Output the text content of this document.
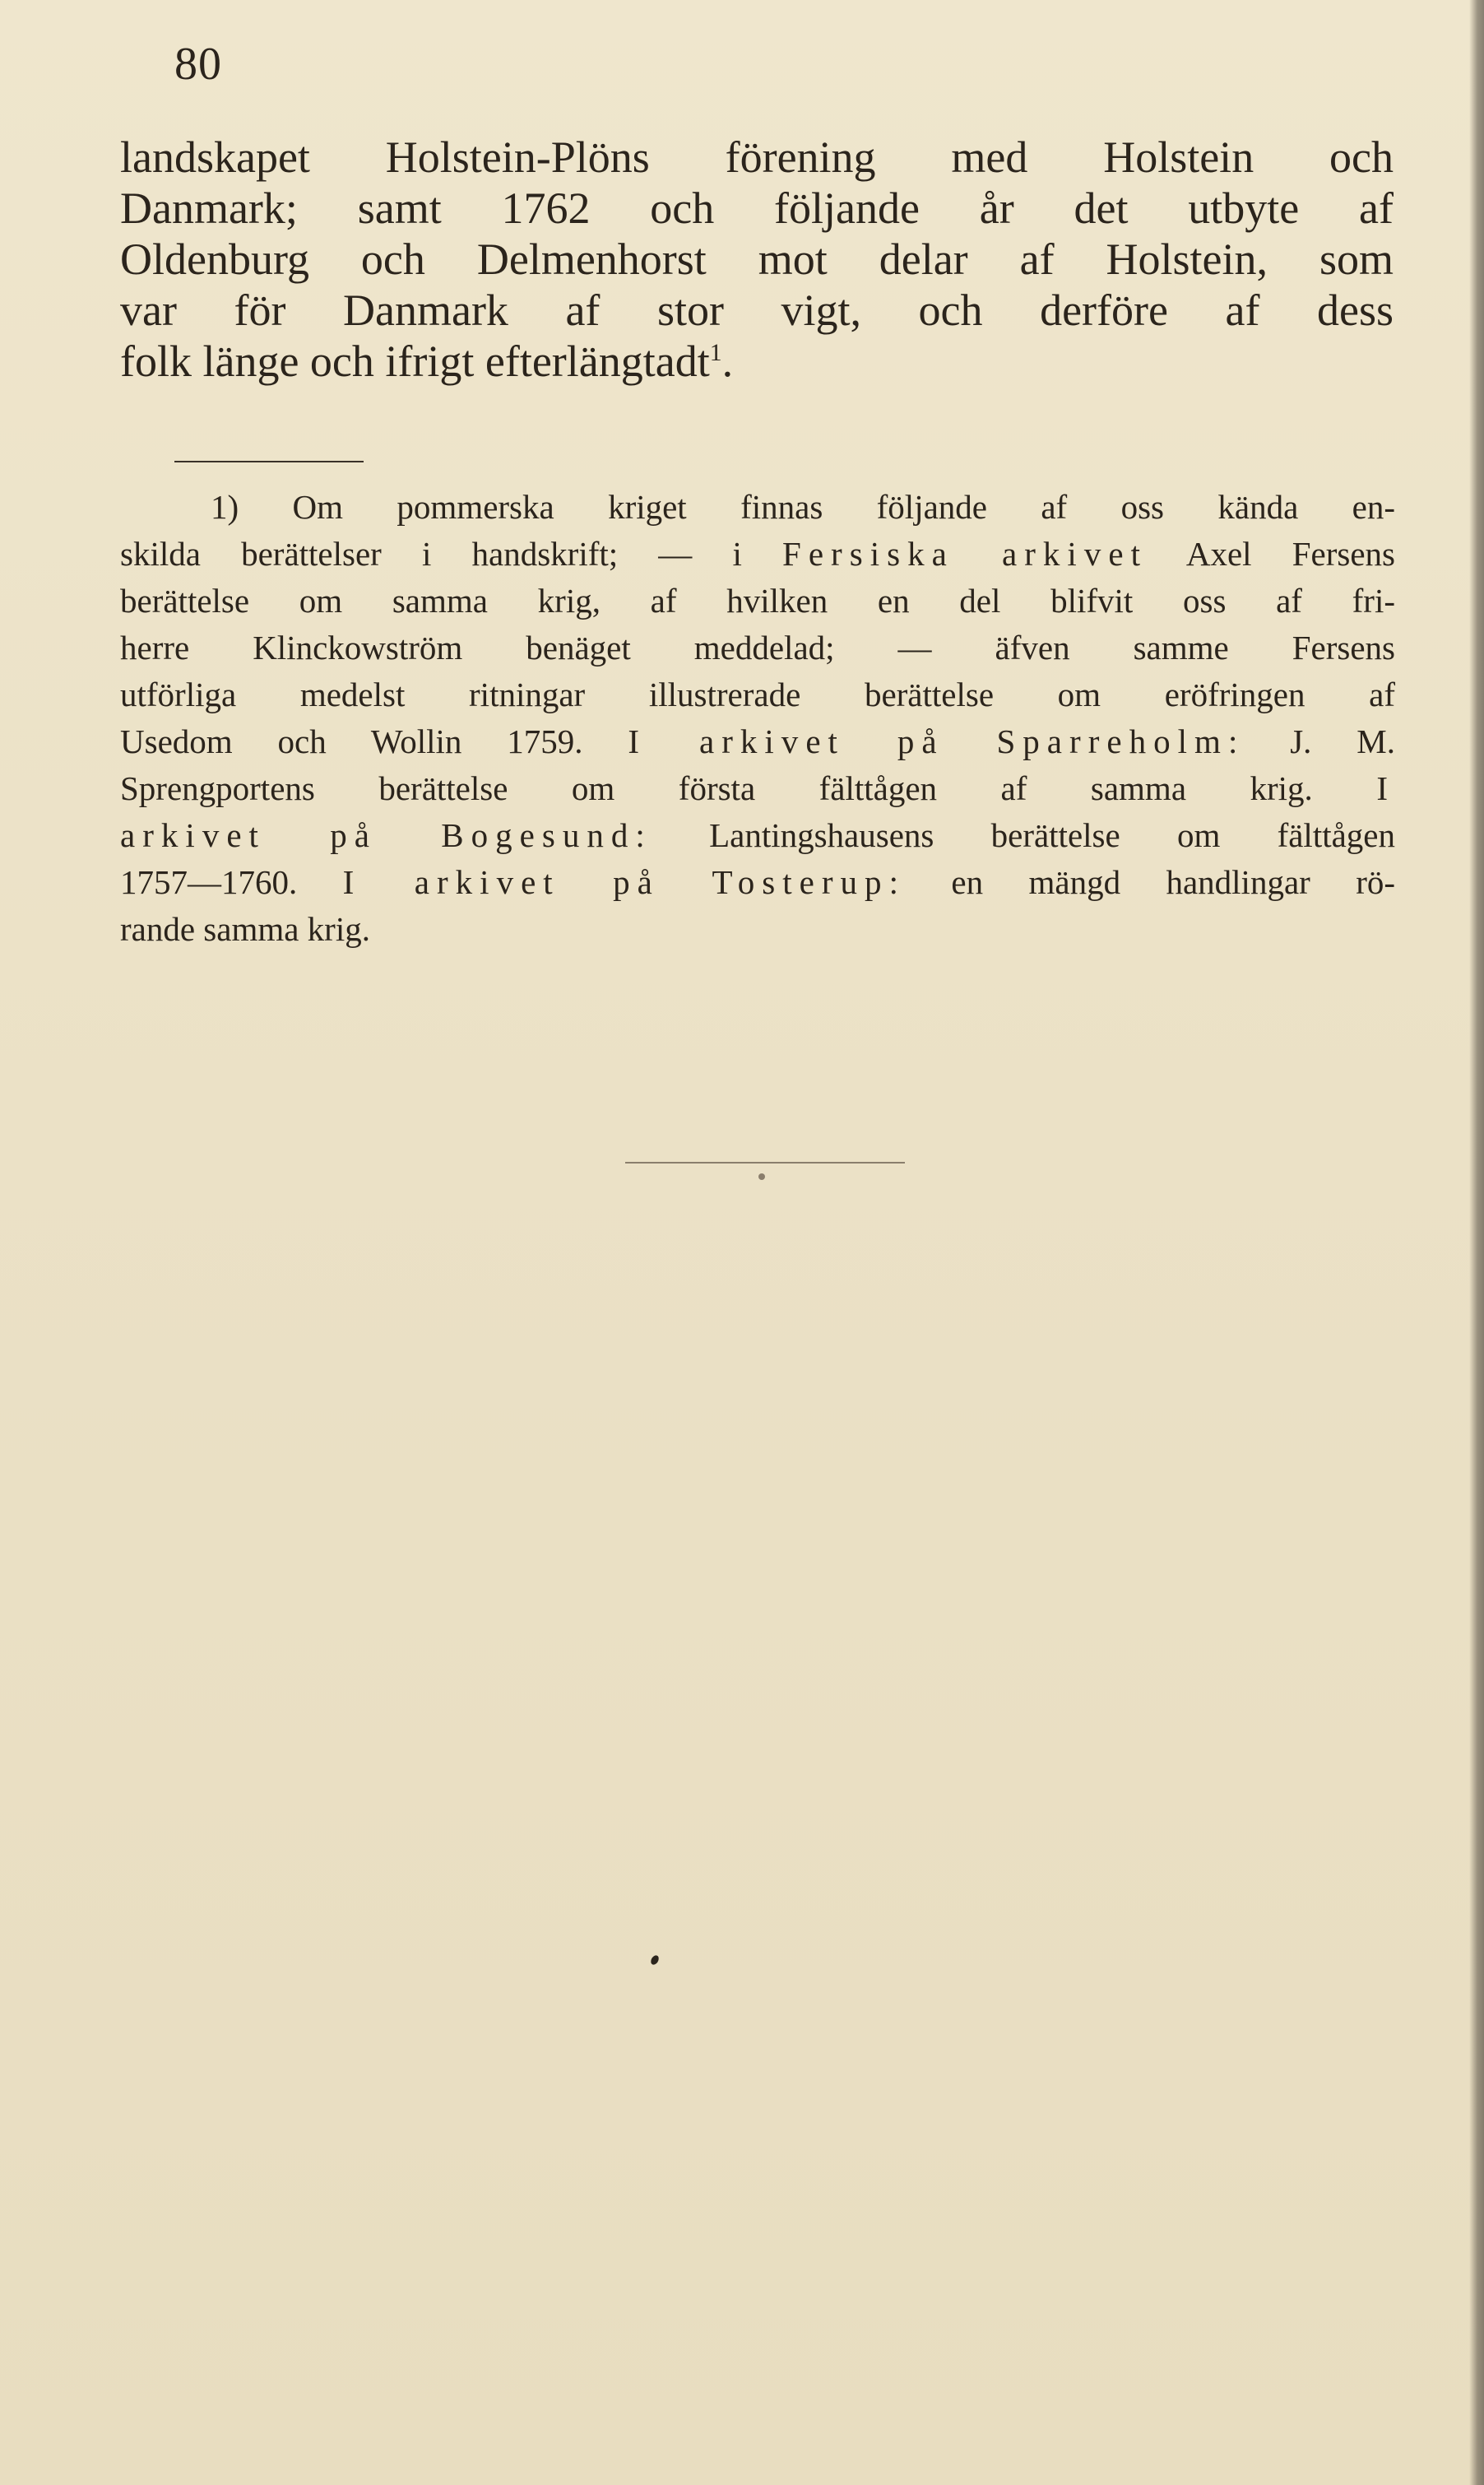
80
landskapet Holstein-Plöns förening med Holstein och
Danmark; samt 1762 och följande år det utbyte af
Oldenburg och Delmenhorst mot delar af Holstein, som
var för Danmark af stor vigt, och derföre af dess
folk länge och ifrigt efterlängtadt$^1$.
1) Om pommerska kriget finnas följande af oss kända en-
skilda berättelser i handskrift; — i Fersiska arkivet Axel Fersens
berättelse om samma krig, af hvilken en del blifvit oss af fri-
herre Klinckowström benäget meddelad; — äfven samme Fersens
utförliga medelst ritningar illustrerade berättelse om eröfringen af
Usedom och Wollin 1759. I arkivet på Sparreholm: J. M.
Sprengportens berättelse om första fälttågen af samma krig. I
arkivet på Bogesund: Lantingshausens berättelse om fälttågen
1757—1760. I arkivet på Tosterup: en mängd handlingar rö-
rande samma krig.
